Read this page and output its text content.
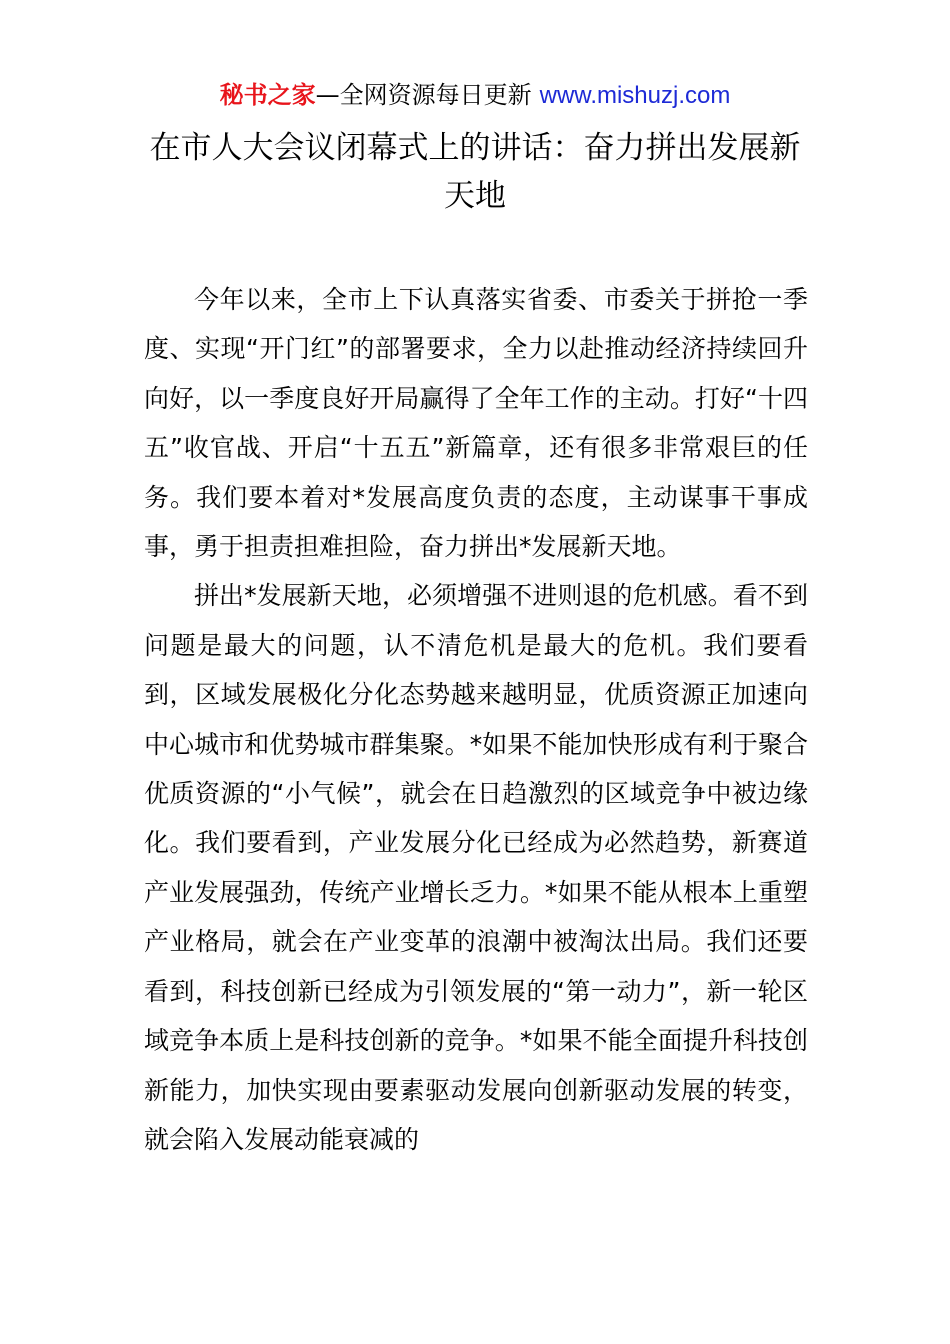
秘书之家—全网资源每日更新 www.mishuzj.com
在市人大会议闭幕式上的讲话：奋力拼出发展新天地

今年以来，全市上下认真落实省委、市委关于拼抢一季度、实现“开门红”的部署要求，全力以赴推动经济持续回升向好，以一季度良好开局赢得了全年工作的主动。打好“十四五”收官战、开启“十五五”新篇章，还有很多非常艰巨的任务。我们要本着对*发展高度负责的态度，主动谋事干事成事，勇于担责担难担险，奋力拼出*发展新天地。

拼出*发展新天地，必须增强不进则退的危机感。看不到问题是最大的问题，认不清危机是最大的危机。我们要看到，区域发展极化分化态势越来越明显，优质资源正加速向中心城市和优势城市群集聚。*如果不能加快形成有利于聚合优质资源的“小气候”，就会在日趋激烈的区域竞争中被边缘化。我们要看到，产业发展分化已经成为必然趋势，新赛道产业发展强劲，传统产业增长乏力。*如果不能从根本上重塑产业格局，就会在产业变革的浪潮中被淘汰出局。我们还要看到，科技创新已经成为引领发展的“第一动力”，新一轮区域竞争本质上是科技创新的竞争。*如果不能全面提升科技创新能力，加快实现由要素驱动发展向创新驱动发展的转变，就会陷入发展动能衰减的
